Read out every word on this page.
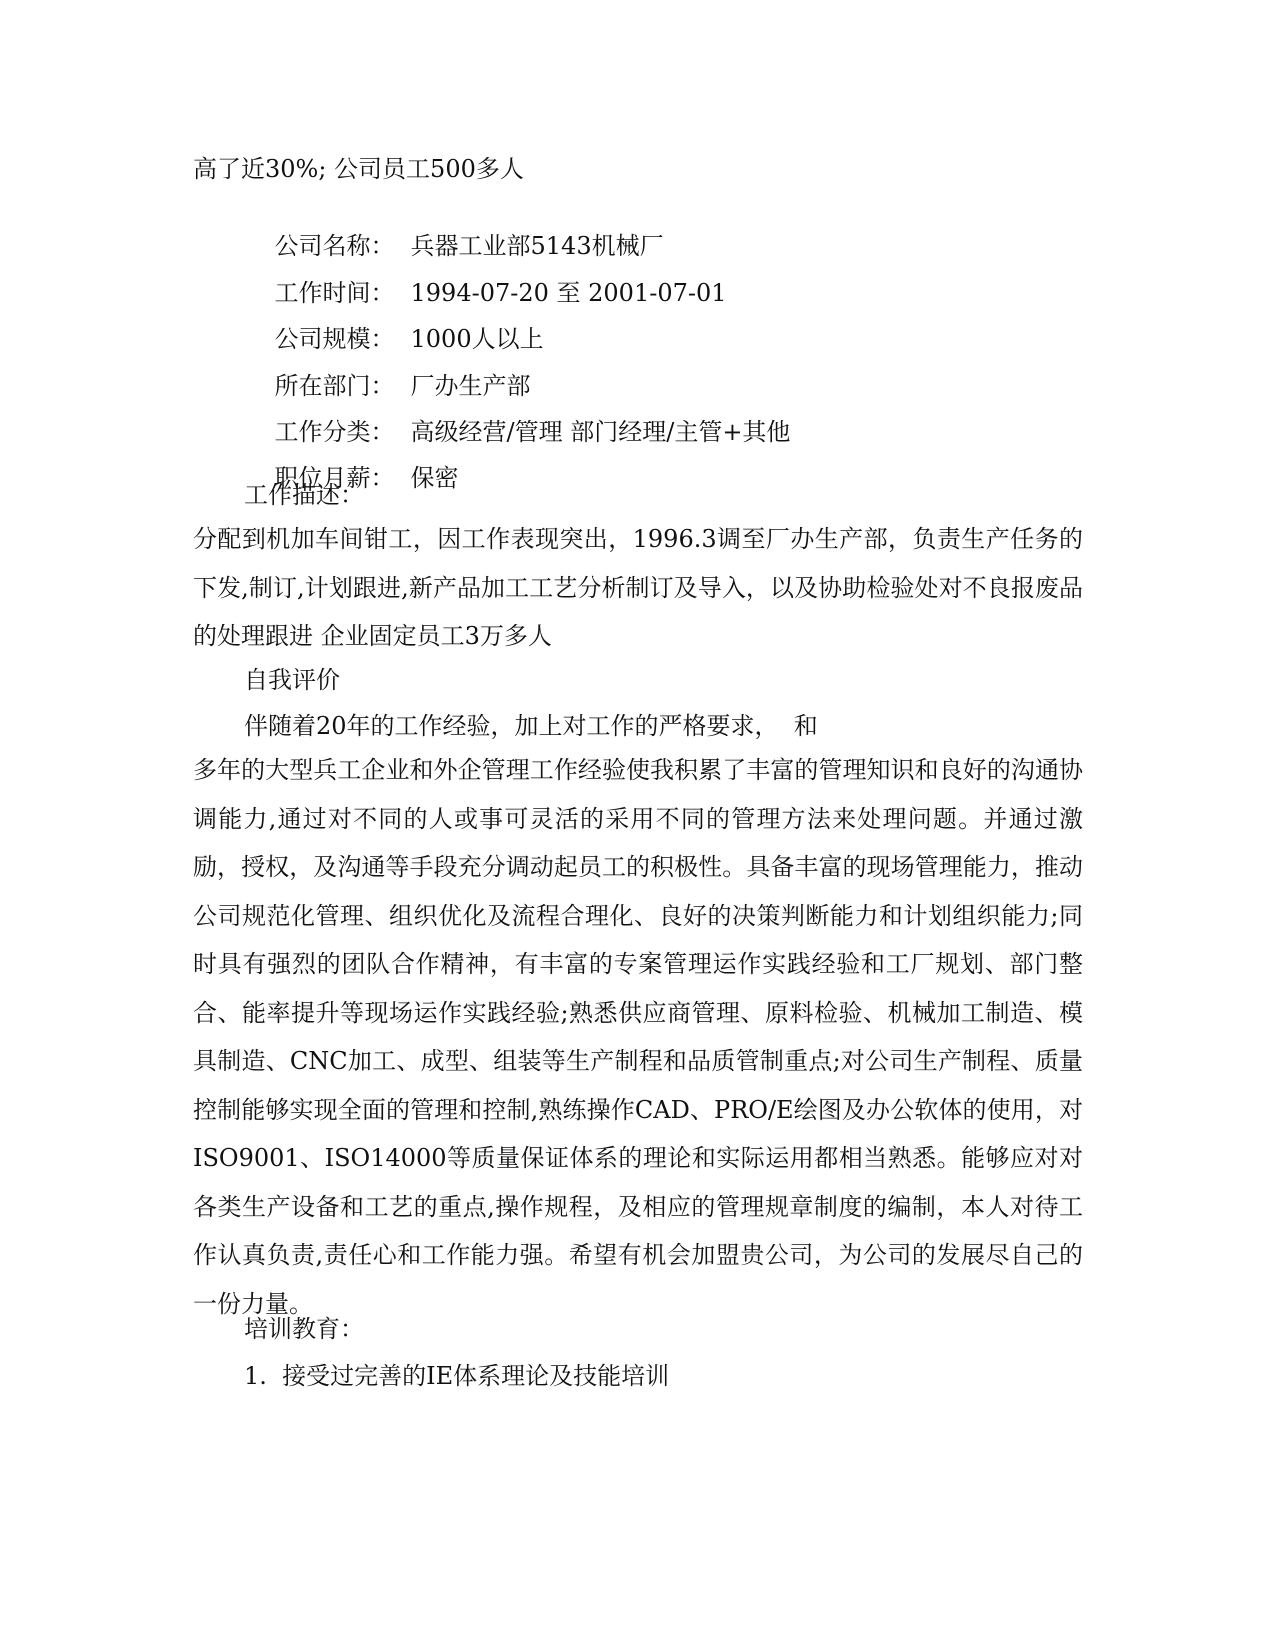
高了近30%; 公司员工500多人

公司名称： 兵器工业部5143机械厂

工作时间： 1994-07-20 至 2001-07-01

公司规模： 1000人以上

所在部门： 厂办生产部

工作分类： 高级经营/管理 部门经理/主管+其他

职位月薪： 保密

工作描述：

分配到机加车间钳工，因工作表现突出，1996.3调至厂办生产部，负责生产任务的下发,制订,计划跟进,新产品加工工艺分析制订及导入，以及协助检验处对不良报废品的处理跟进 企业固定员工3万多人

自我评价
伴随着20年的工作经验，加上对工作的严格要求，  和

多年的大型兵工企业和外企管理工作经验使我积累了丰富的管理知识和良好的沟通协调能力,通过对不同的人或事可灵活的采用不同的管理方法来处理问题。并通过激励，授权，及沟通等手段充分调动起员工的积极性。具备丰富的现场管理能力，推动公司规范化管理、组织优化及流程合理化、良好的决策判断能力和计划组织能力;同时具有强烈的团队合作精神，有丰富的专案管理运作实践经验和工厂规划、部门整合、能率提升等现场运作实践经验;熟悉供应商管理、原料检验、机械加工制造、模具制造、CNC加工、成型、组装等生产制程和品质管制重点;对公司生产制程、质量控制能够实现全面的管理和控制,熟练操作CAD、PRO/E绘图及办公软体的使用，对ISO9001、ISO14000等质量保证体系的理论和实际运用都相当熟悉。能够应对对各类生产设备和工艺的重点,操作规程，及相应的管理规章制度的编制，本人对待工作认真负责,责任心和工作能力强。希望有机会加盟贵公司，为公司的发展尽自己的一份力量。

培训教育：
1.  接受过完善的IE体系理论及技能培训
